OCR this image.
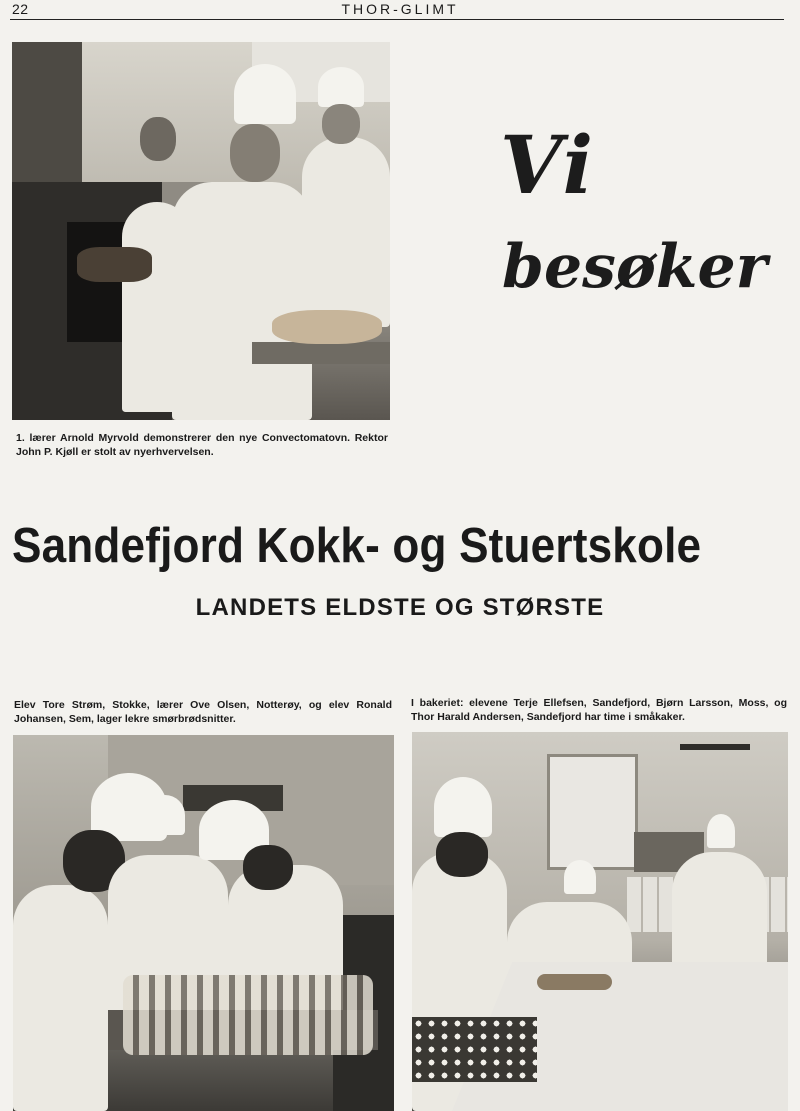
22	THOR-GLIMT
Vi
besøker
1. lærer Arnold Myrvold demonstrerer den nye Convectomatovn. Rektor John P. Kjøll er stolt av nyerhvervelsen.
Sandefjord Kokk- og Stuertskole
LANDETS ELDSTE OG STØRSTE
Elev Tore Strøm, Stokke, lærer Ove Olsen, Notterøy, og elev Ronald Johansen, Sem, lager lekre smørbrødsnitter.
I bakeriet: elevene Terje Ellefsen, Sandefjord, Bjørn Larsson, Moss, og Thor Harald Andersen, Sandefjord har time i småkaker.
